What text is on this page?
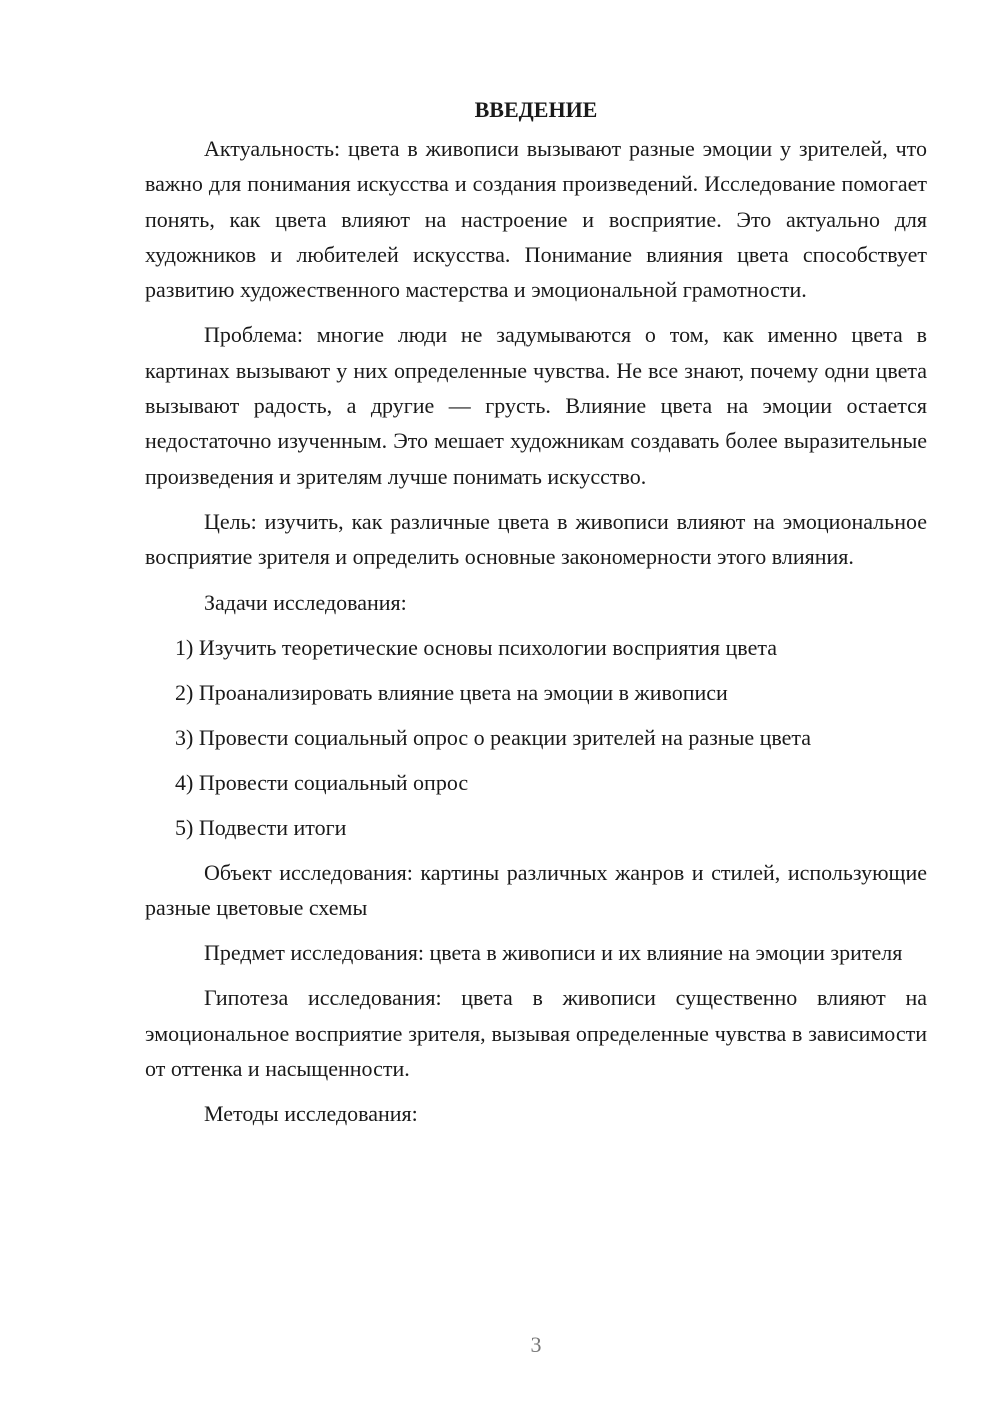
ВВЕДЕНИЕ

Актуальность: цвета в живописи вызывают разные эмоции у зрителей, что важно для понимания искусства и создания произведений. Исследование помогает понять, как цвета влияют на настроение и восприятие. Это актуально для художников и любителей искусства. Понимание влияния цвета способствует развитию художественного мастерства и эмоциональной грамотности.

Проблема: многие люди не задумываются о том, как именно цвета в картинах вызывают у них определенные чувства. Не все знают, почему одни цвета вызывают радость, а другие — грусть. Влияние цвета на эмоции остается недостаточно изученным. Это мешает художникам создавать более выразительные произведения и зрителям лучше понимать искусство.

Цель: изучить, как различные цвета в живописи влияют на эмоциональное восприятие зрителя и определить основные закономерности этого влияния.

Задачи исследования:

1) Изучить теоретические основы психологии восприятия цвета
2) Проанализировать влияние цвета на эмоции в живописи
3) Провести социальный опрос о реакции зрителей на разные цвета
4) Провести социальный опрос
5) Подвести итоги

Объект исследования: картины различных жанров и стилей, использующие разные цветовые схемы

Предмет исследования: цвета в живописи и их влияние на эмоции зрителя

Гипотеза исследования: цвета в живописи существенно влияют на эмоциональное восприятие зрителя, вызывая определенные чувства в зависимости от оттенка и насыщенности.

Методы исследования:

3
